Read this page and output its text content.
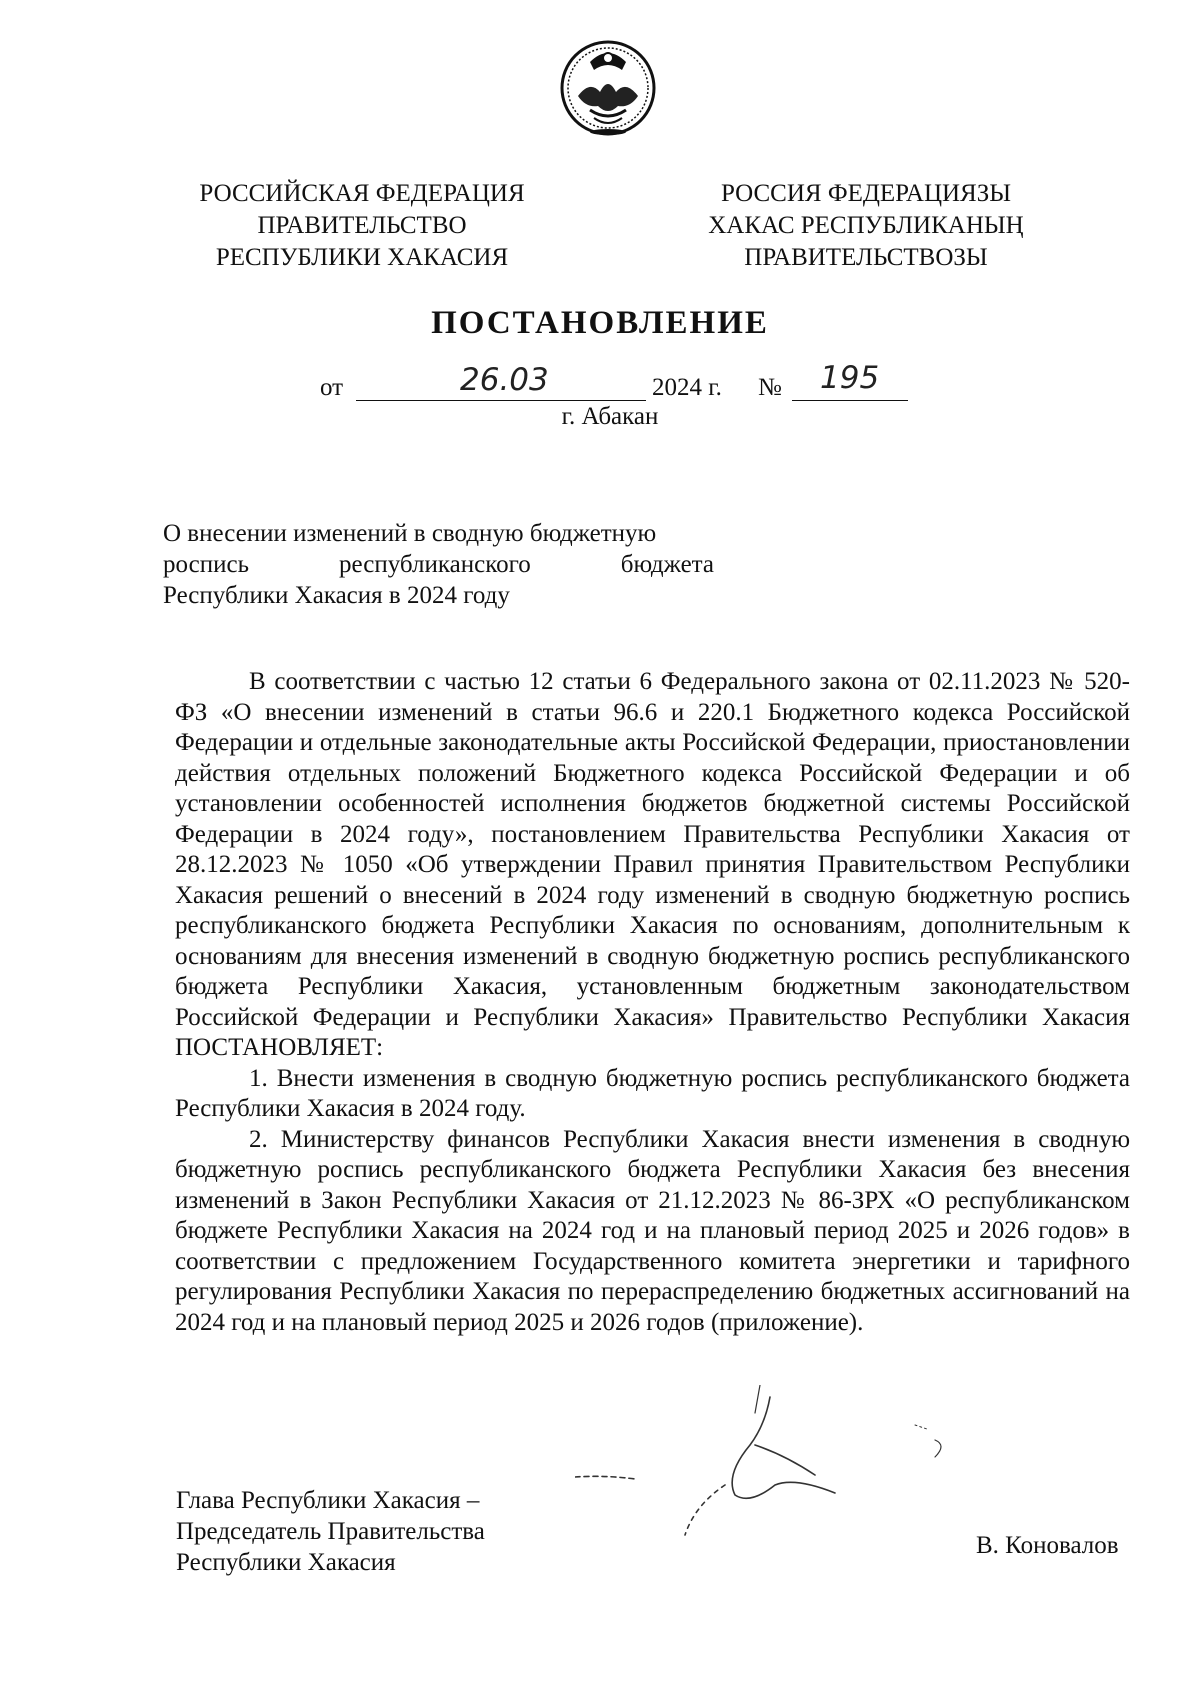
РОССИЙСКАЯ ФЕДЕРАЦИЯ
ПРАВИТЕЛЬСТВО
РЕСПУБЛИКИ ХАКАСИЯ
РОССИЯ ФЕДЕРАЦИЯЗЫ
ХАКАС РЕСПУБЛИКАНЫҢ
ПРАВИТЕЛЬСТВОЗЫ
ПОСТАНОВЛЕНИЕ
от	26.03	2024 г. № 195
г. Абакан
О внесении изменений в сводную бюджетную
роспись	республиканского	бюджета
Республики Хакасия в 2024 году

В соответствии с частью 12 статьи 6 Федерального закона от 02.11.2023 № 520-ФЗ «О внесении изменений в статьи 96.6 и 220.1 Бюджетного кодекса Российской Федерации и отдельные законодательные акты Российской Федерации, приостановлении действия отдельных положений Бюджетного кодекса Российской Федерации и об установлении особенностей исполнения бюджетов бюджетной системы Российской Федерации в 2024 году», постановлением Правительства Республики Хакасия от 28.12.2023 № 1050 «Об утверждении Правил принятия Правительством Республики Хакасия решений о внесений в 2024 году изменений в сводную бюджетную роспись республиканского бюджета Республики Хакасия по основаниям, дополнительным к основаниям для внесения изменений в сводную бюджетную роспись республиканского бюджета Республики Хакасия, установленным бюджетным законодательством Российской Федерации и Республики Хакасия» Правительство Республики Хакасия ПОСТАНОВЛЯЕТ:

1. Внести изменения в сводную бюджетную роспись республиканского бюджета Республики Хакасия в 2024 году.

2. Министерству финансов Республики Хакасия внести изменения в сводную бюджетную роспись республиканского бюджета Республики Хакасия без внесения изменений в Закон Республики Хакасия от 21.12.2023 № 86-ЗРХ «О республиканском бюджете Республики Хакасия на 2024 год и на плановый период 2025 и 2026 годов» в соответствии с предложением Государственного комитета энергетики и тарифного регулирования Республики Хакасия по перераспределению бюджетных ассигнований на 2024 год и на плановый период 2025 и 2026 годов (приложение).

Глава Республики Хакасия –
Председатель Правительства
Республики Хакасия
В. Коновалов
